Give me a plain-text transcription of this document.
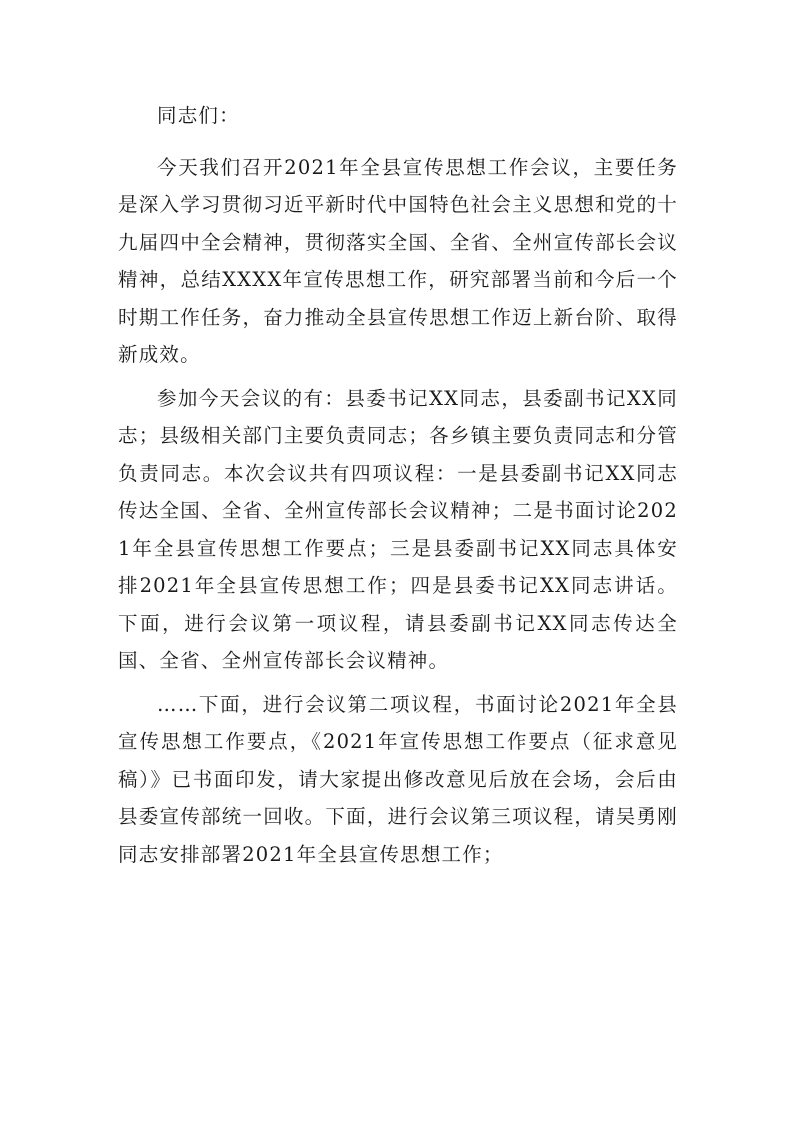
同志们：

今天我们召开2021年全县宣传思想工作会议，主要任务是深入学习贯彻习近平新时代中国特色社会主义思想和党的十九届四中全会精神，贯彻落实全国、全省、全州宣传部长会议精神，总结XXXX年宣传思想工作，研究部署当前和今后一个时期工作任务，奋力推动全县宣传思想工作迈上新台阶、取得新成效。

参加今天会议的有：县委书记XX同志，县委副书记XX同志；县级相关部门主要负责同志；各乡镇主要负责同志和分管负责同志。本次会议共有四项议程：一是县委副书记XX同志传达全国、全省、全州宣传部长会议精神；二是书面讨论2021年全县宣传思想工作要点；三是县委副书记XX同志具体安排2021年全县宣传思想工作；四是县委书记XX同志讲话。下面，进行会议第一项议程，请县委副书记XX同志传达全国、全省、全州宣传部长会议精神。

……下面，进行会议第二项议程，书面讨论2021年全县宣传思想工作要点，《2021年宣传思想工作要点（征求意见稿）》已书面印发，请大家提出修改意见后放在会场，会后由县委宣传部统一回收。下面，进行会议第三项议程，请吴勇刚同志安排部署2021年全县宣传思想工作；
